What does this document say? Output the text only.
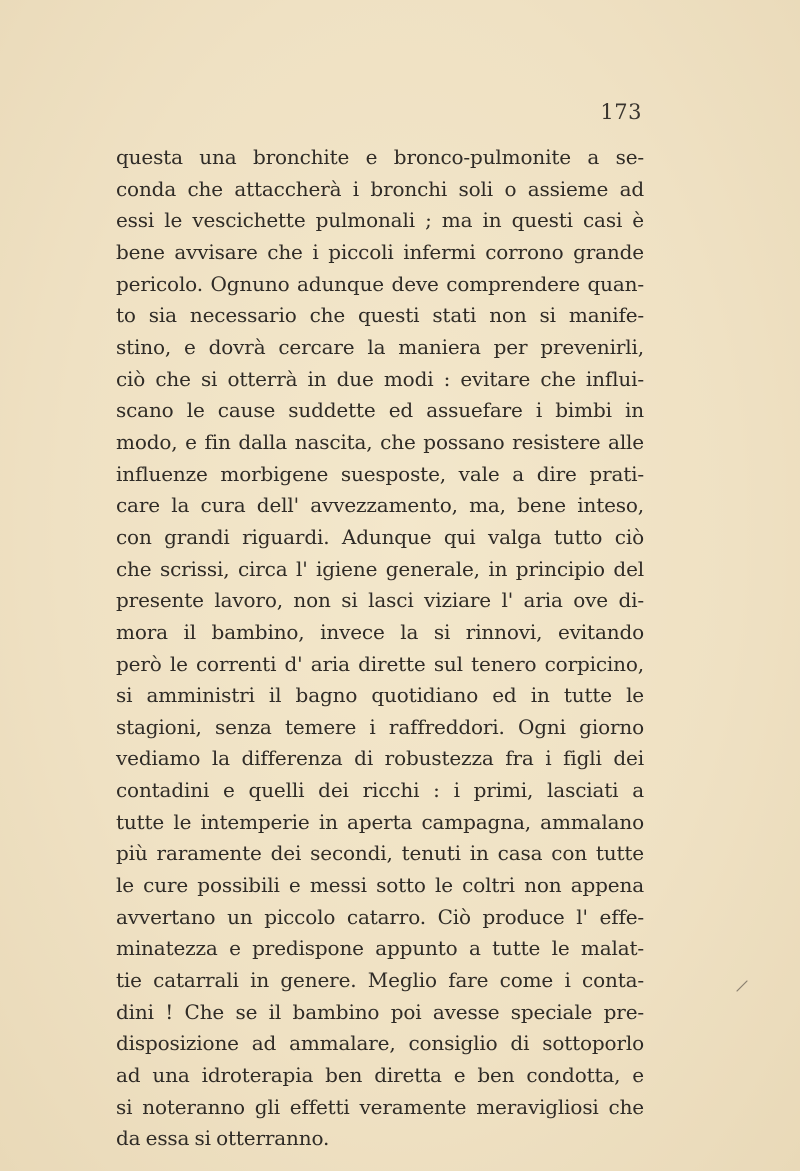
173
questa una bronchite e bronco-pulmonite a se-
conda che attaccherà i bronchi soli o assieme ad
essi le vescichette pulmonali ; ma in questi casi è
bene avvisare che i piccoli infermi corrono grande
pericolo. Ognuno adunque deve comprendere quan-
to sia necessario che questi stati non si manife-
stino, e dovrà cercare la maniera per prevenirli,
ciò che si otterrà in due modi : evitare che influi-
scano le cause suddette ed assuefare i bimbi in
modo, e fin dalla nascita, che possano resistere alle
influenze morbigene suesposte, vale a dire prati-
care la cura dell' avvezzamento, ma, bene inteso,
con grandi riguardi. Adunque qui valga tutto ciò
che scrissi, circa l' igiene generale, in principio del
presente lavoro, non si lasci viziare l' aria ove di-
mora il bambino, invece la si rinnovi, evitando
però le correnti d' aria dirette sul tenero corpicino,
si amministri il bagno quotidiano ed in tutte le
stagioni, senza temere i raffreddori. Ogni giorno
vediamo la differenza di robustezza fra i figli dei
contadini e quelli dei ricchi : i primi, lasciati a
tutte le intemperie in aperta campagna, ammalano
più raramente dei secondi, tenuti in casa con tutte
le cure possibili e messi sotto le coltri non appena
avvertano un piccolo catarro. Ciò produce l' effe-
minatezza e predispone appunto a tutte le malat-
tie catarrali in genere. Meglio fare come i conta-
dini ! Che se il bambino poi avesse speciale pre-
disposizione ad ammalare, consiglio di sottoporlo
ad una idroterapia ben diretta e ben condotta, e
si noteranno gli effetti veramente meravigliosi che
da essa si otterranno.
